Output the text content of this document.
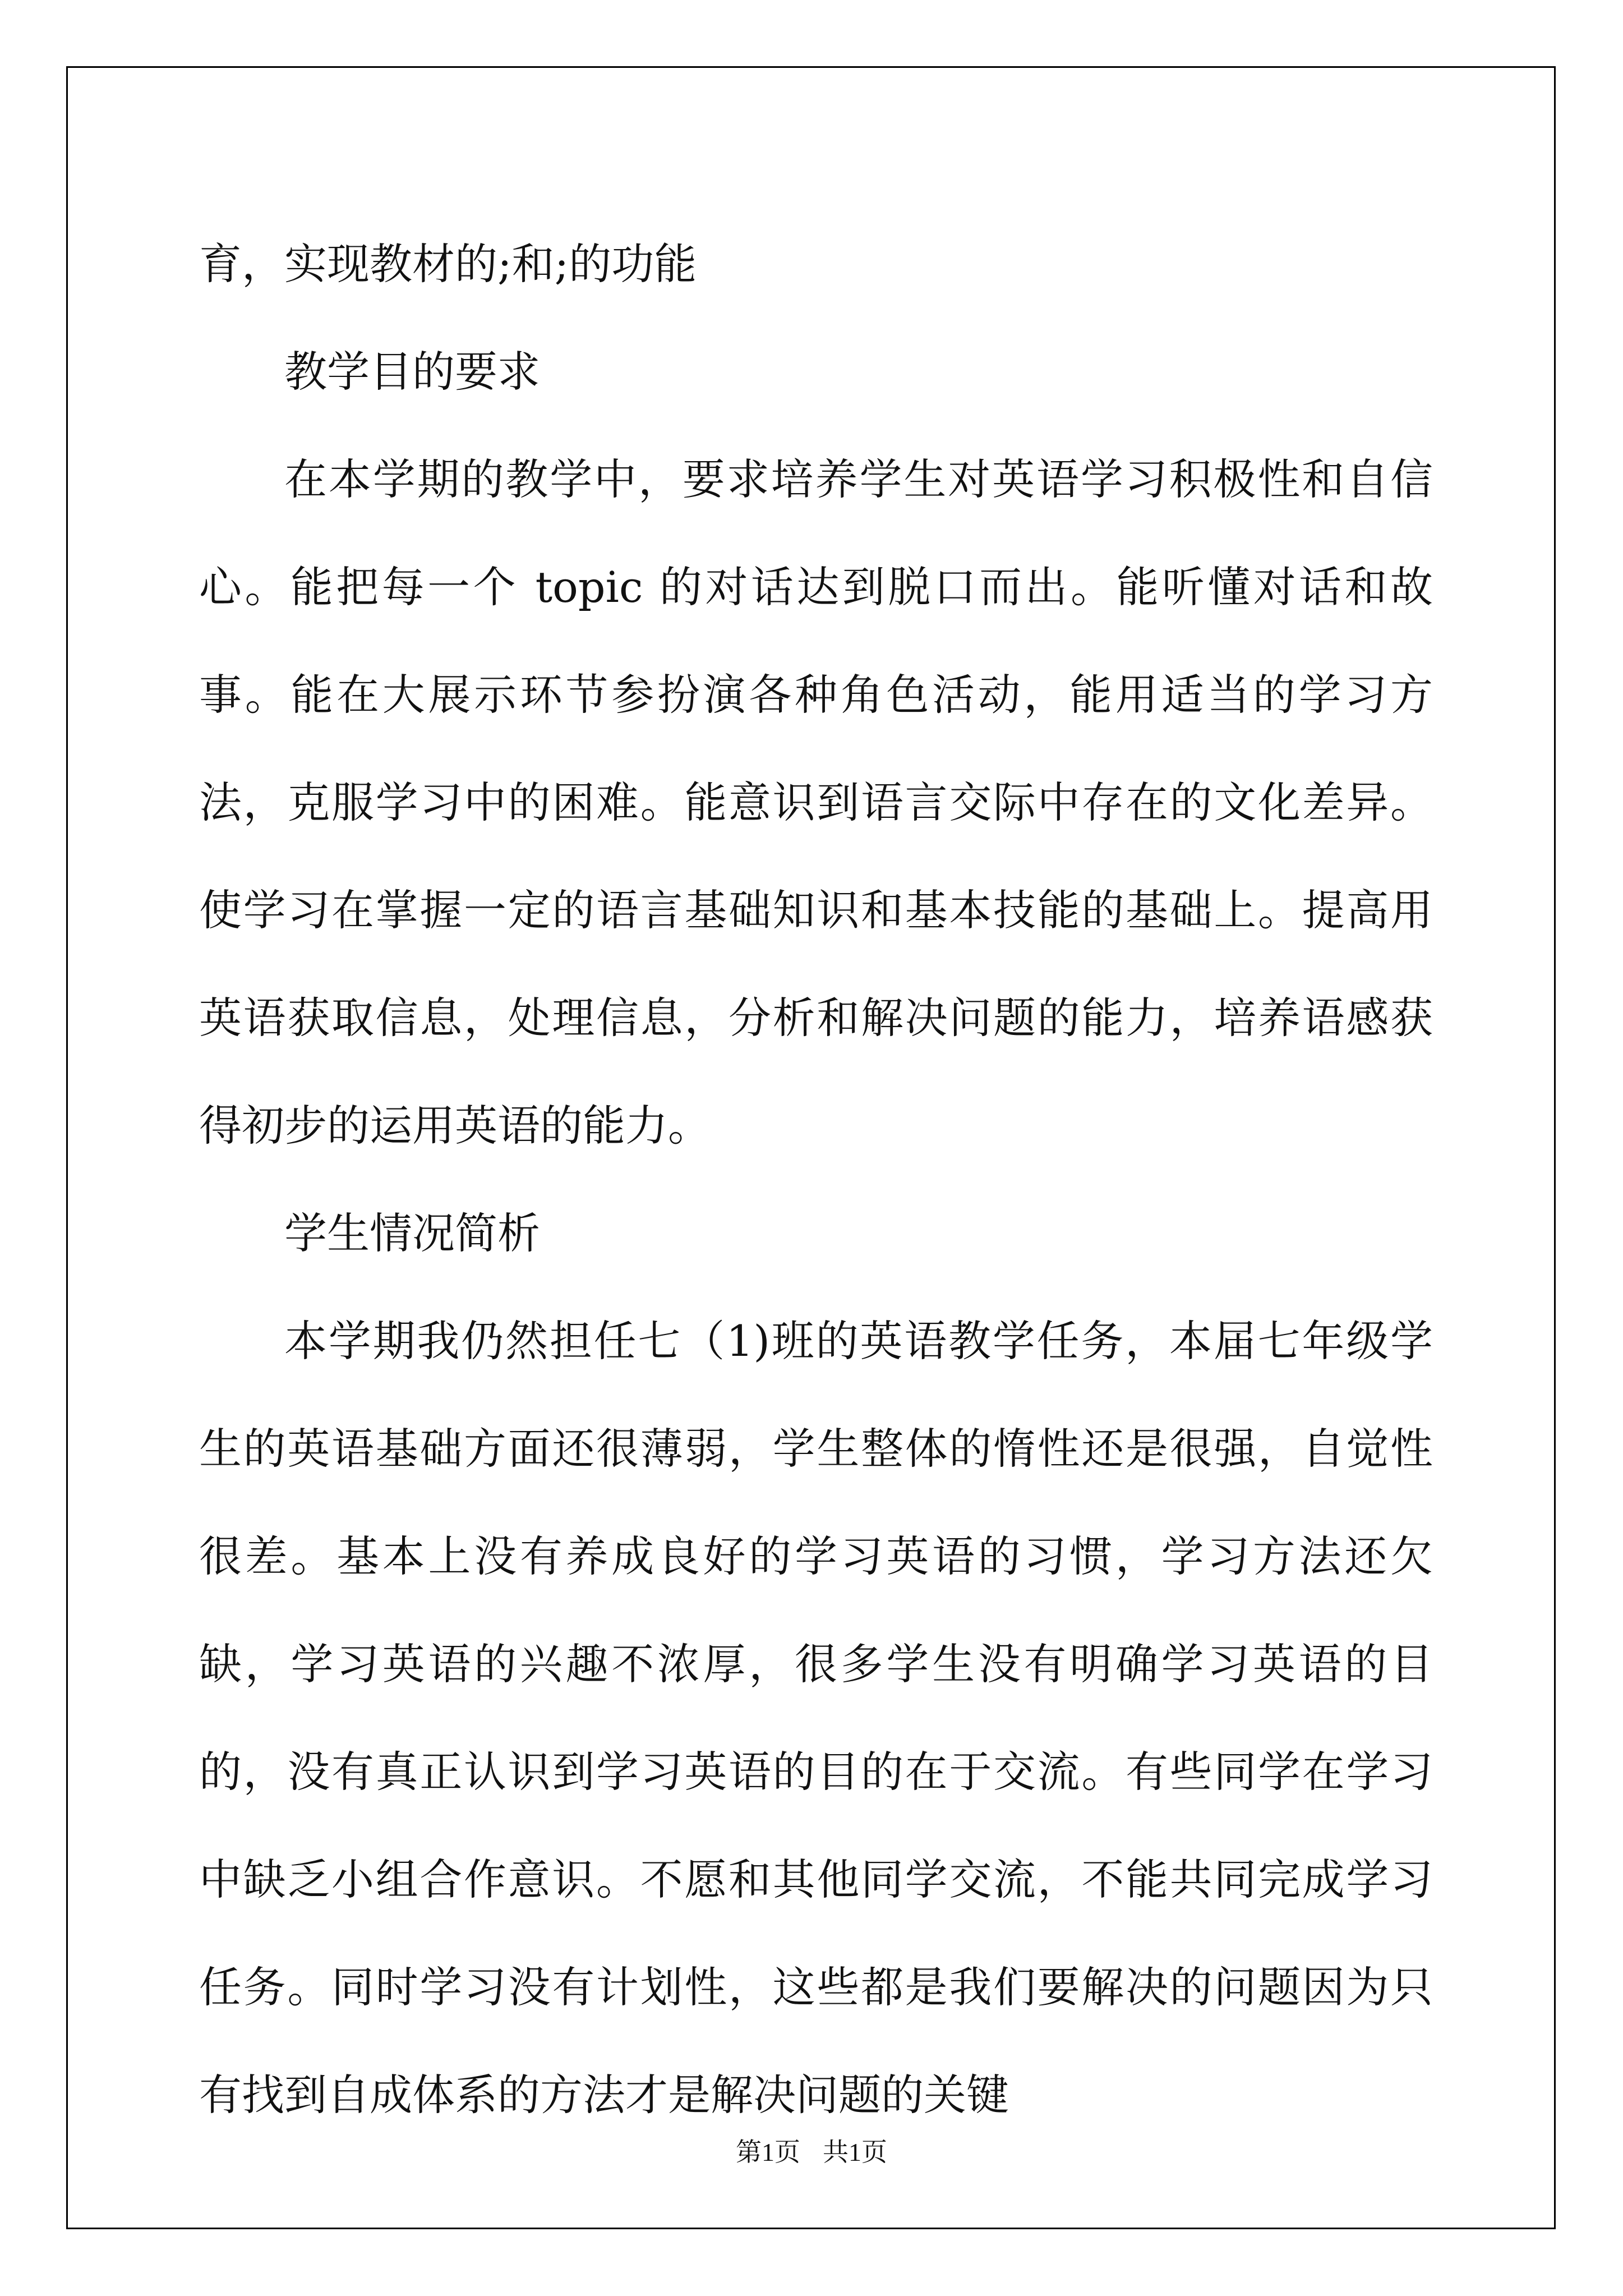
育，实现教材的;和;的功能

教学目的要求

在本学期的教学中，要求培养学生对英语学习积极性和自信心。能把每一个 topic 的对话达到脱口而出。能听懂对话和故事。能在大展示环节参扮演各种角色活动，能用适当的学习方法，克服学习中的困难。能意识到语言交际中存在的文化差异。使学习在掌握一定的语言基础知识和基本技能的基础上。提高用英语获取信息，处理信息，分析和解决问题的能力，培养语感获得初步的运用英语的能力。

学生情况简析

本学期我仍然担任七（1)班的英语教学任务，本届七年级学生的英语基础方面还很薄弱，学生整体的惰性还是很强，自觉性很差。基本上没有养成良好的学习英语的习惯，学习方法还欠缺，学习英语的兴趣不浓厚，很多学生没有明确学习英语的目的，没有真正认识到学习英语的目的在于交流。有些同学在学习中缺乏小组合作意识。不愿和其他同学交流，不能共同完成学习任务。同时学习没有计划性，这些都是我们要解决的问题因为只有找到自成体系的方法才是解决问题的关键

第1页 共1页
